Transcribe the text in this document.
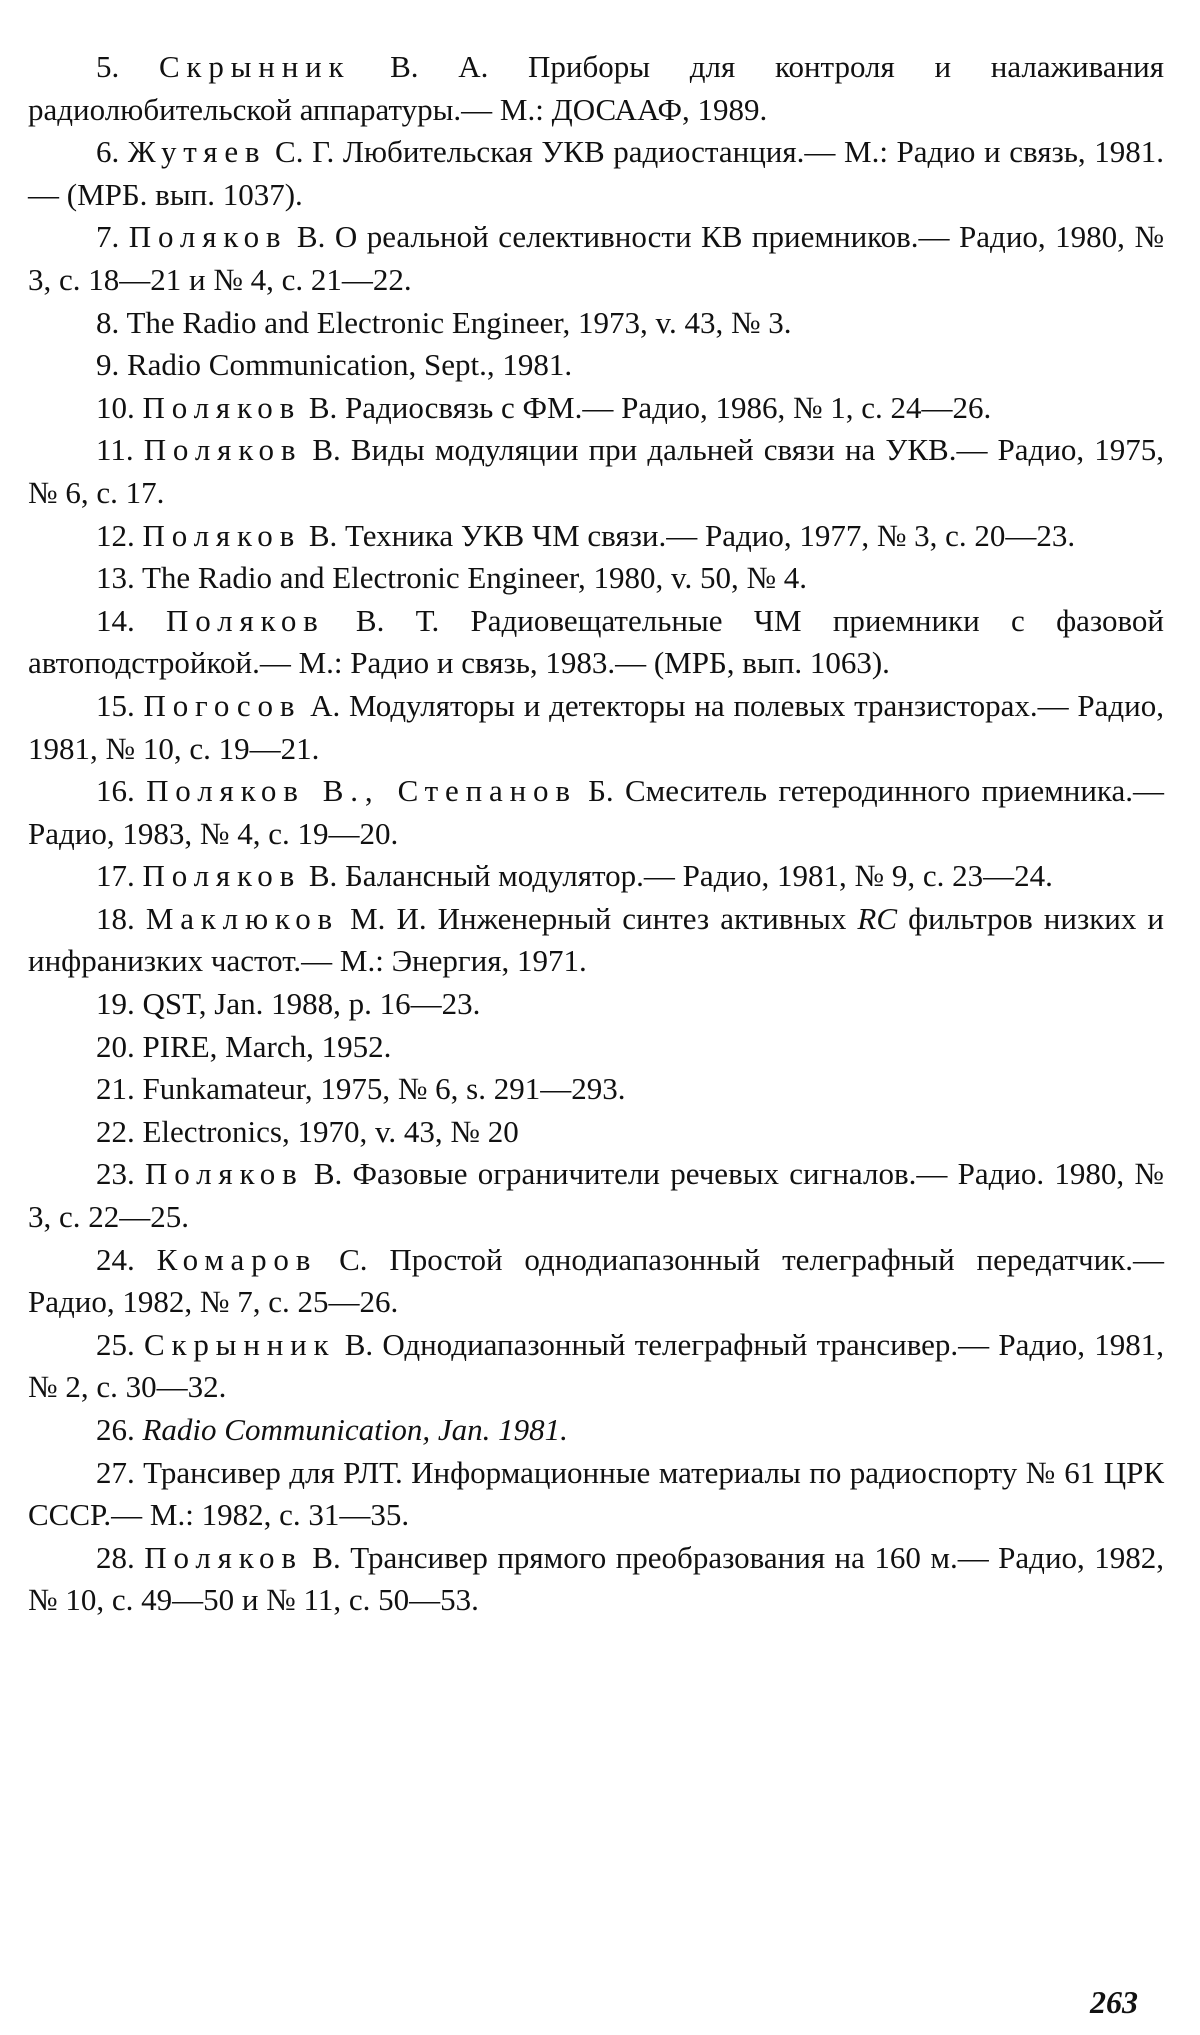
5. Скрынник В. А. Приборы для контроля и налаживания радиолюбительской аппаратуры.— М.: ДОСААФ, 1989.

6. Жутяев С. Г. Любительская УКВ радиостанция.— М.: Радио и связь, 1981.— (МРБ. вып. 1037).

7. Поляков В. О реальной селективности КВ приемников.— Радио, 1980, № 3, с. 18—21 и № 4, с. 21—22.

8. The Radio and Electronic Engineer, 1973, v. 43, № 3.

9. Radio Communication, Sept., 1981.

10. Поляков В. Радиосвязь с ФМ.— Радио, 1986, № 1, с. 24—26.

11. Поляков В. Виды модуляции при дальней связи на УКВ.— Радио, 1975, № 6, с. 17.

12. Поляков В. Техника УКВ ЧМ связи.— Радио, 1977, № 3, с. 20—23.

13. The Radio and Electronic Engineer, 1980, v. 50, № 4.

14. Поляков В. Т. Радиовещательные ЧМ приемники с фазовой автоподстройкой.— М.: Радио и связь, 1983.— (МРБ, вып. 1063).

15. Погосов А. Модуляторы и детекторы на полевых транзисторах.— Радио, 1981, № 10, с. 19—21.

16. Поляков В., Степанов Б. Смеситель гетеродинного приемника.— Радио, 1983, № 4, с. 19—20.

17. Поляков В. Балансный модулятор.— Радио, 1981, № 9, с. 23—24.

18. Маклюков М. И. Инженерный синтез активных RC фильтров низких и инфранизких частот.— М.: Энергия, 1971.

19. QST, Jan. 1988, p. 16—23.

20. PIRE, March, 1952.

21. Funkamateur, 1975, № 6, s. 291—293.

22. Electronics, 1970, v. 43, № 20

23. Поляков В. Фазовые ограничители речевых сигналов.— Радио. 1980, № 3, с. 22—25.

24. Комаров С. Простой однодиапазонный телеграфный передатчик.— Радио, 1982, № 7, с. 25—26.

25. Скрынник В. Однодиапазонный телеграфный трансивер.— Радио, 1981, № 2, с. 30—32.

26. Radio Communication, Jan. 1981.

27. Трансивер для РЛТ. Информационные материалы по радиоспорту № 61 ЦРК СССР.— М.: 1982, с. 31—35.

28. Поляков В. Трансивер прямого преобразования на 160 м.— Радио, 1982, № 10, с. 49—50 и № 11, с. 50—53.

263
